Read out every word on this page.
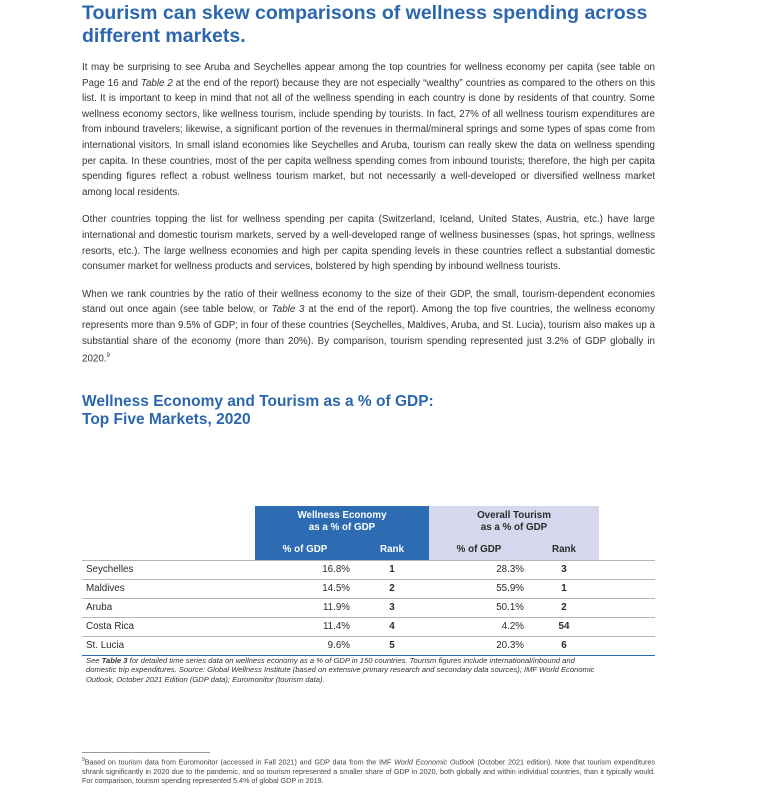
Tourism can skew comparisons of wellness spending across different markets.

It may be surprising to see Aruba and Seychelles appear among the top countries for wellness economy per capita (see table on Page 16 and Table 2 at the end of the report) because they are not especially “wealthy” countries as compared to the others on this list. It is important to keep in mind that not all of the wellness spending in each country is done by residents of that country. Some wellness economy sectors, like wellness tourism, include spending by tourists. In fact, 27% of all wellness tourism expenditures are from inbound travelers; likewise, a significant portion of the revenues in thermal/mineral springs and some types of spas come from international visitors. In small island economies like Seychelles and Aruba, tourism can really skew the data on wellness spending per capita. In these countries, most of the per capita wellness spending comes from inbound tourists; therefore, the high per capita spending figures reflect a robust wellness tourism market, but not necessarily a well-developed or diversified wellness market among local residents.

Other countries topping the list for wellness spending per capita (Switzerland, Iceland, United States, Austria, etc.) have large international and domestic tourism markets, served by a well-developed range of wellness businesses (spas, hot springs, wellness resorts, etc.). The large wellness economies and high per capita spending levels in these countries reflect a substantial domestic consumer market for wellness products and services, bolstered by high spending by inbound wellness tourists.

When we rank countries by the ratio of their wellness economy to the size of their GDP, the small, tourism-dependent economies stand out once again (see table below, or Table 3 at the end of the report). Among the top five countries, the wellness economy represents more than 9.5% of GDP; in four of these countries (Seychelles, Maldives, Aruba, and St. Lucia), tourism also makes up a substantial share of the economy (more than 20%). By comparison, tourism spending represented just 3.2% of GDP globally in 2020.$^9$

Wellness Economy and Tourism as a % of GDP:
Top Five Markets, 2020
Wellness Economy
as a % of GDP
Overall Tourism
as a % of GDP
% of GDP	Rank	% of GDP	Rank
Seychelles	16.8%	1	28.3%	3
Maldives	14.5%	2	55.9%	1
Aruba	11.9%	3	50.1%	2
Costa Rica	11.4%	4	4.2%	54
St. Lucia	9.6%	5	20.3%	6
See Table 3 for detailed time series data on wellness economy as a % of GDP in 150 countries. Tourism figures include international/inbound and domestic trip expenditures. Source: Global Wellness Institute (based on extensive primary research and secondary data sources); IMF World Economic Outlook, October 2021 Edition (GDP data); Euromonitor (tourism data).
$^9$Based on tourism data from Euromonitor (accessed in Fall 2021) and GDP data from the IMF World Economic Outlook (October 2021 edition). Note that tourism expenditures shrank significantly in 2020 due to the pandemic, and so tourism represented a smaller share of GDP in 2020, both globally and within individual countries, than it typically would. For comparison, tourism spending represented 5.4% of global GDP in 2019.
